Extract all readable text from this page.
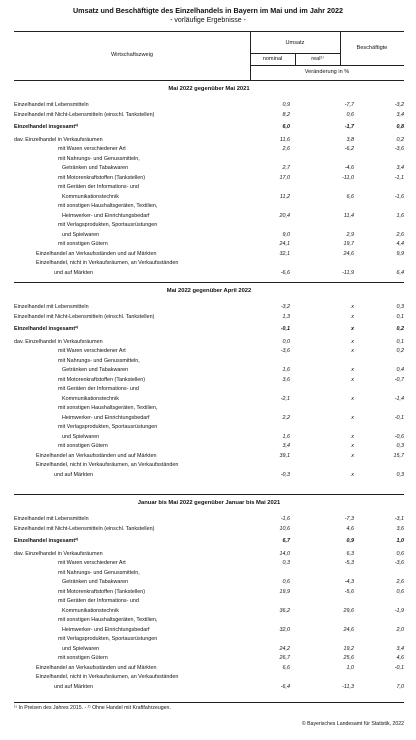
Umsatz und Beschäftigte des Einzelhandels in Bayern im Mai und im Jahr 2022
- vorläufige Ergebnisse -
Wirtschaftszweig
Umsatz
nominal	real¹⁾
Beschäftigte
Veränderung in %
Mai 2022 gegenüber Mai 2021
Einzelhandel mit Lebensmitteln	0,9	-7,7	-3,2
Einzelhandel mit Nicht-Lebensmitteln (einschl. Tankstellen)	8,2	0,6	3,4
Einzelhandel insgesamt²⁾	6,0	-1,7	0,8
dav. Einzelhandel in Verkaufsräumen	11,6	3,8	0,2
mit Waren verschiedener Art	2,6	-6,2	-3,6
mit Nahrungs- und Genussmitteln,
Getränken und Tabakwaren	2,7	-4,6	3,4
mit Motorenkraftstoffen (Tankstellen)	17,0	-11,0	-1,1
mit Geräten der Informations- und
Kommunikationstechnik	11,2	6,6	-1,6
mit sonstigen Haushaltsgeräten, Textilien,
Heimwerker- und Einrichtungsbedarf	20,4	11,4	1,6
mit Verlagsprodukten, Sportausrüstungen
und Spielwaren	9,0	2,9	2,6
mit sonstigen Gütern	24,1	19,7	4,4
Einzelhandel an Verkaufsständen und auf Märkten	32,1	24,6	9,9
Einzelhandel, nicht in Verkaufsräumen, an Verkaufsständen
und auf Märkten	-6,6	-11,9	6,4
Mai 2022 gegenüber April 2022
Einzelhandel mit Lebensmitteln	-3,2	x	0,3
Einzelhandel mit Nicht-Lebensmitteln (einschl. Tankstellen)	1,3	x	0,1
Einzelhandel insgesamt²⁾	-0,1	x	0,2
dav. Einzelhandel in Verkaufsräumen	0,0	x	0,1
mit Waren verschiedener Art	-3,6	x	0,2
mit Nahrungs- und Genussmitteln,
Getränken und Tabakwaren	1,6	x	0,4
mit Motorenkraftstoffen (Tankstellen)	3,6	x	-0,7
mit Geräten der Informations- und
Kommunikationstechnik	-2,1	x	-1,4
mit sonstigen Haushaltsgeräten, Textilien,
Heimwerker- und Einrichtungsbedarf	2,2	x	-0,1
mit Verlagsprodukten, Sportausrüstungen
und Spielwaren	1,6	x	-0,6
mit sonstigen Gütern	3,4	x	0,3
Einzelhandel an Verkaufsständen und auf Märkten	39,1	x	15,7
Einzelhandel, nicht in Verkaufsräumen, an Verkaufsständen
und auf Märkten	-0,3	x	0,3
Januar bis Mai 2022 gegenüber Januar bis Mai 2021
Einzelhandel mit Lebensmitteln	-1,6	-7,3	-3,1
Einzelhandel mit Nicht-Lebensmitteln (einschl. Tankstellen)	10,6	4,6	3,6
Einzelhandel insgesamt²⁾	6,7	0,9	1,0
dav. Einzelhandel in Verkaufsräumen	14,0	6,3	0,6
mit Waren verschiedener Art	0,3	-5,3	-3,6
mit Nahrungs- und Genussmitteln,
Getränken und Tabakwaren	0,6	-4,3	2,6
mit Motorenkraftstoffen (Tankstellen)	19,9	-5,6	0,6
mit Geräten der Informations- und
Kommunikationstechnik	36,2	29,6	-1,9
mit sonstigen Haushaltsgeräten, Textilien,
Heimwerker- und Einrichtungsbedarf	32,0	24,6	2,0
mit Verlagsprodukten, Sportausrüstungen
und Spielwaren	24,2	19,2	3,4
mit sonstigen Gütern	26,7	25,6	4,6
Einzelhandel an Verkaufsständen und auf Märkten	6,6	1,0	-0,1
Einzelhandel, nicht in Verkaufsräumen, an Verkaufsständen
und auf Märkten	-6,4	-11,3	7,0
¹⁾ In Preisen des Jahres 2015. - ²⁾ Ohne Handel mit Kraftfahrzeugen.
© Bayerisches Landesamt für Statistik, 2022
